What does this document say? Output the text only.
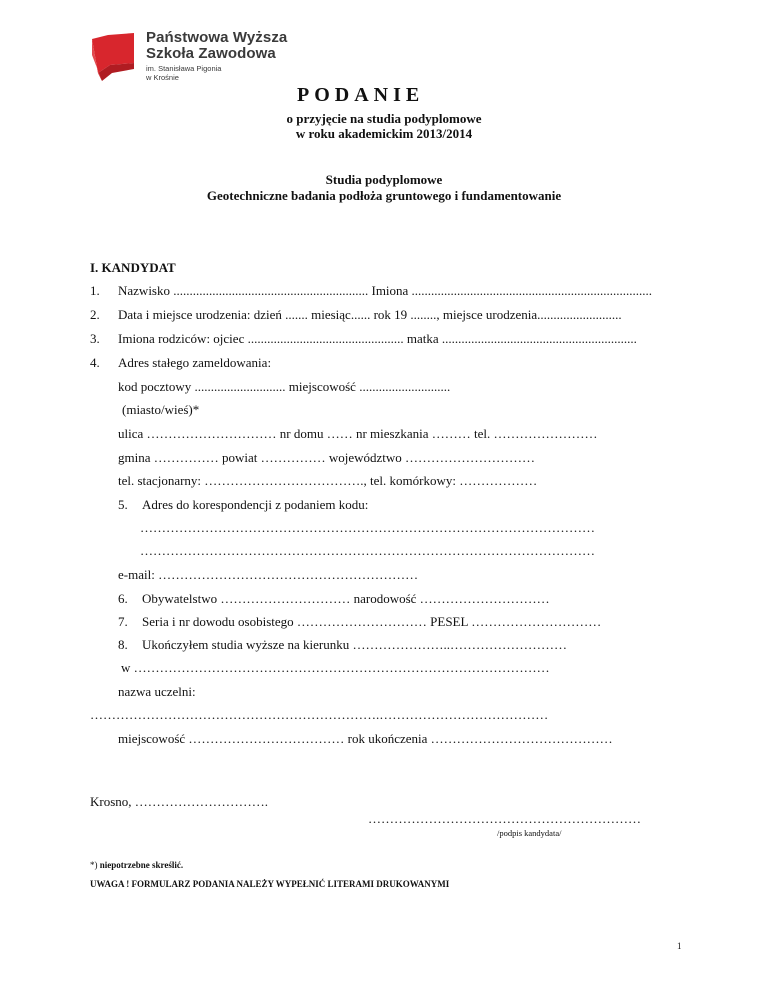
Państwowa Wyższa
Szkoła Zawodowa
im. Stanisława Pigonia
w Krośnie
PODANIE
o przyjęcie na studia podyplomowe
w roku akademickim 2013/2014
Studia podyplomowe
Geotechniczne badania podłoża gruntowego i fundamentowanie
I. KANDYDAT
1. Nazwisko ............................................................ Imiona ..........................................................................
2. Data i miejsce urodzenia: dzień ....... miesiąc...... rok 19 ........, miejsce urodzenia..........................
3. Imiona rodziców: ojciec ................................................ matka ............................................................
4. Adres stałego zameldowania:
kod pocztowy ............................ miejscowość ............................
(miasto/wieś)*
ulica ………………………… nr domu …… nr mieszkania ……… tel. ……………………
gmina …………… powiat …………… województwo …………………………
tel. stacjonarny: ………………………………., tel. komórkowy: ………………
5. Adres do korespondencji z podaniem kodu:
……………………………………………………………………………………………
……………………………………………………………………………………………
e-mail: ……………………………………………………
6. Obywatelstwo ………………………… narodowość …………………………
7. Seria i nr dowodu osobistego ………………………… PESEL …………………………
8. Ukończyłem studia wyższe na kierunku …………………..………………………
w ……………………………………………………………………………………
nazwa uczelni:
………………………………………………………….…………………………………
miejscowość ……………………………… rok ukończenia ……………………………………
Krosno, ………………………….
………………………………………………………
/podpis kandydata/
*) niepotrzebne skreślić.
UWAGA ! FORMULARZ PODANIA NALEŻY WYPEŁNIĆ LITERAMI DRUKOWANYMI
1
